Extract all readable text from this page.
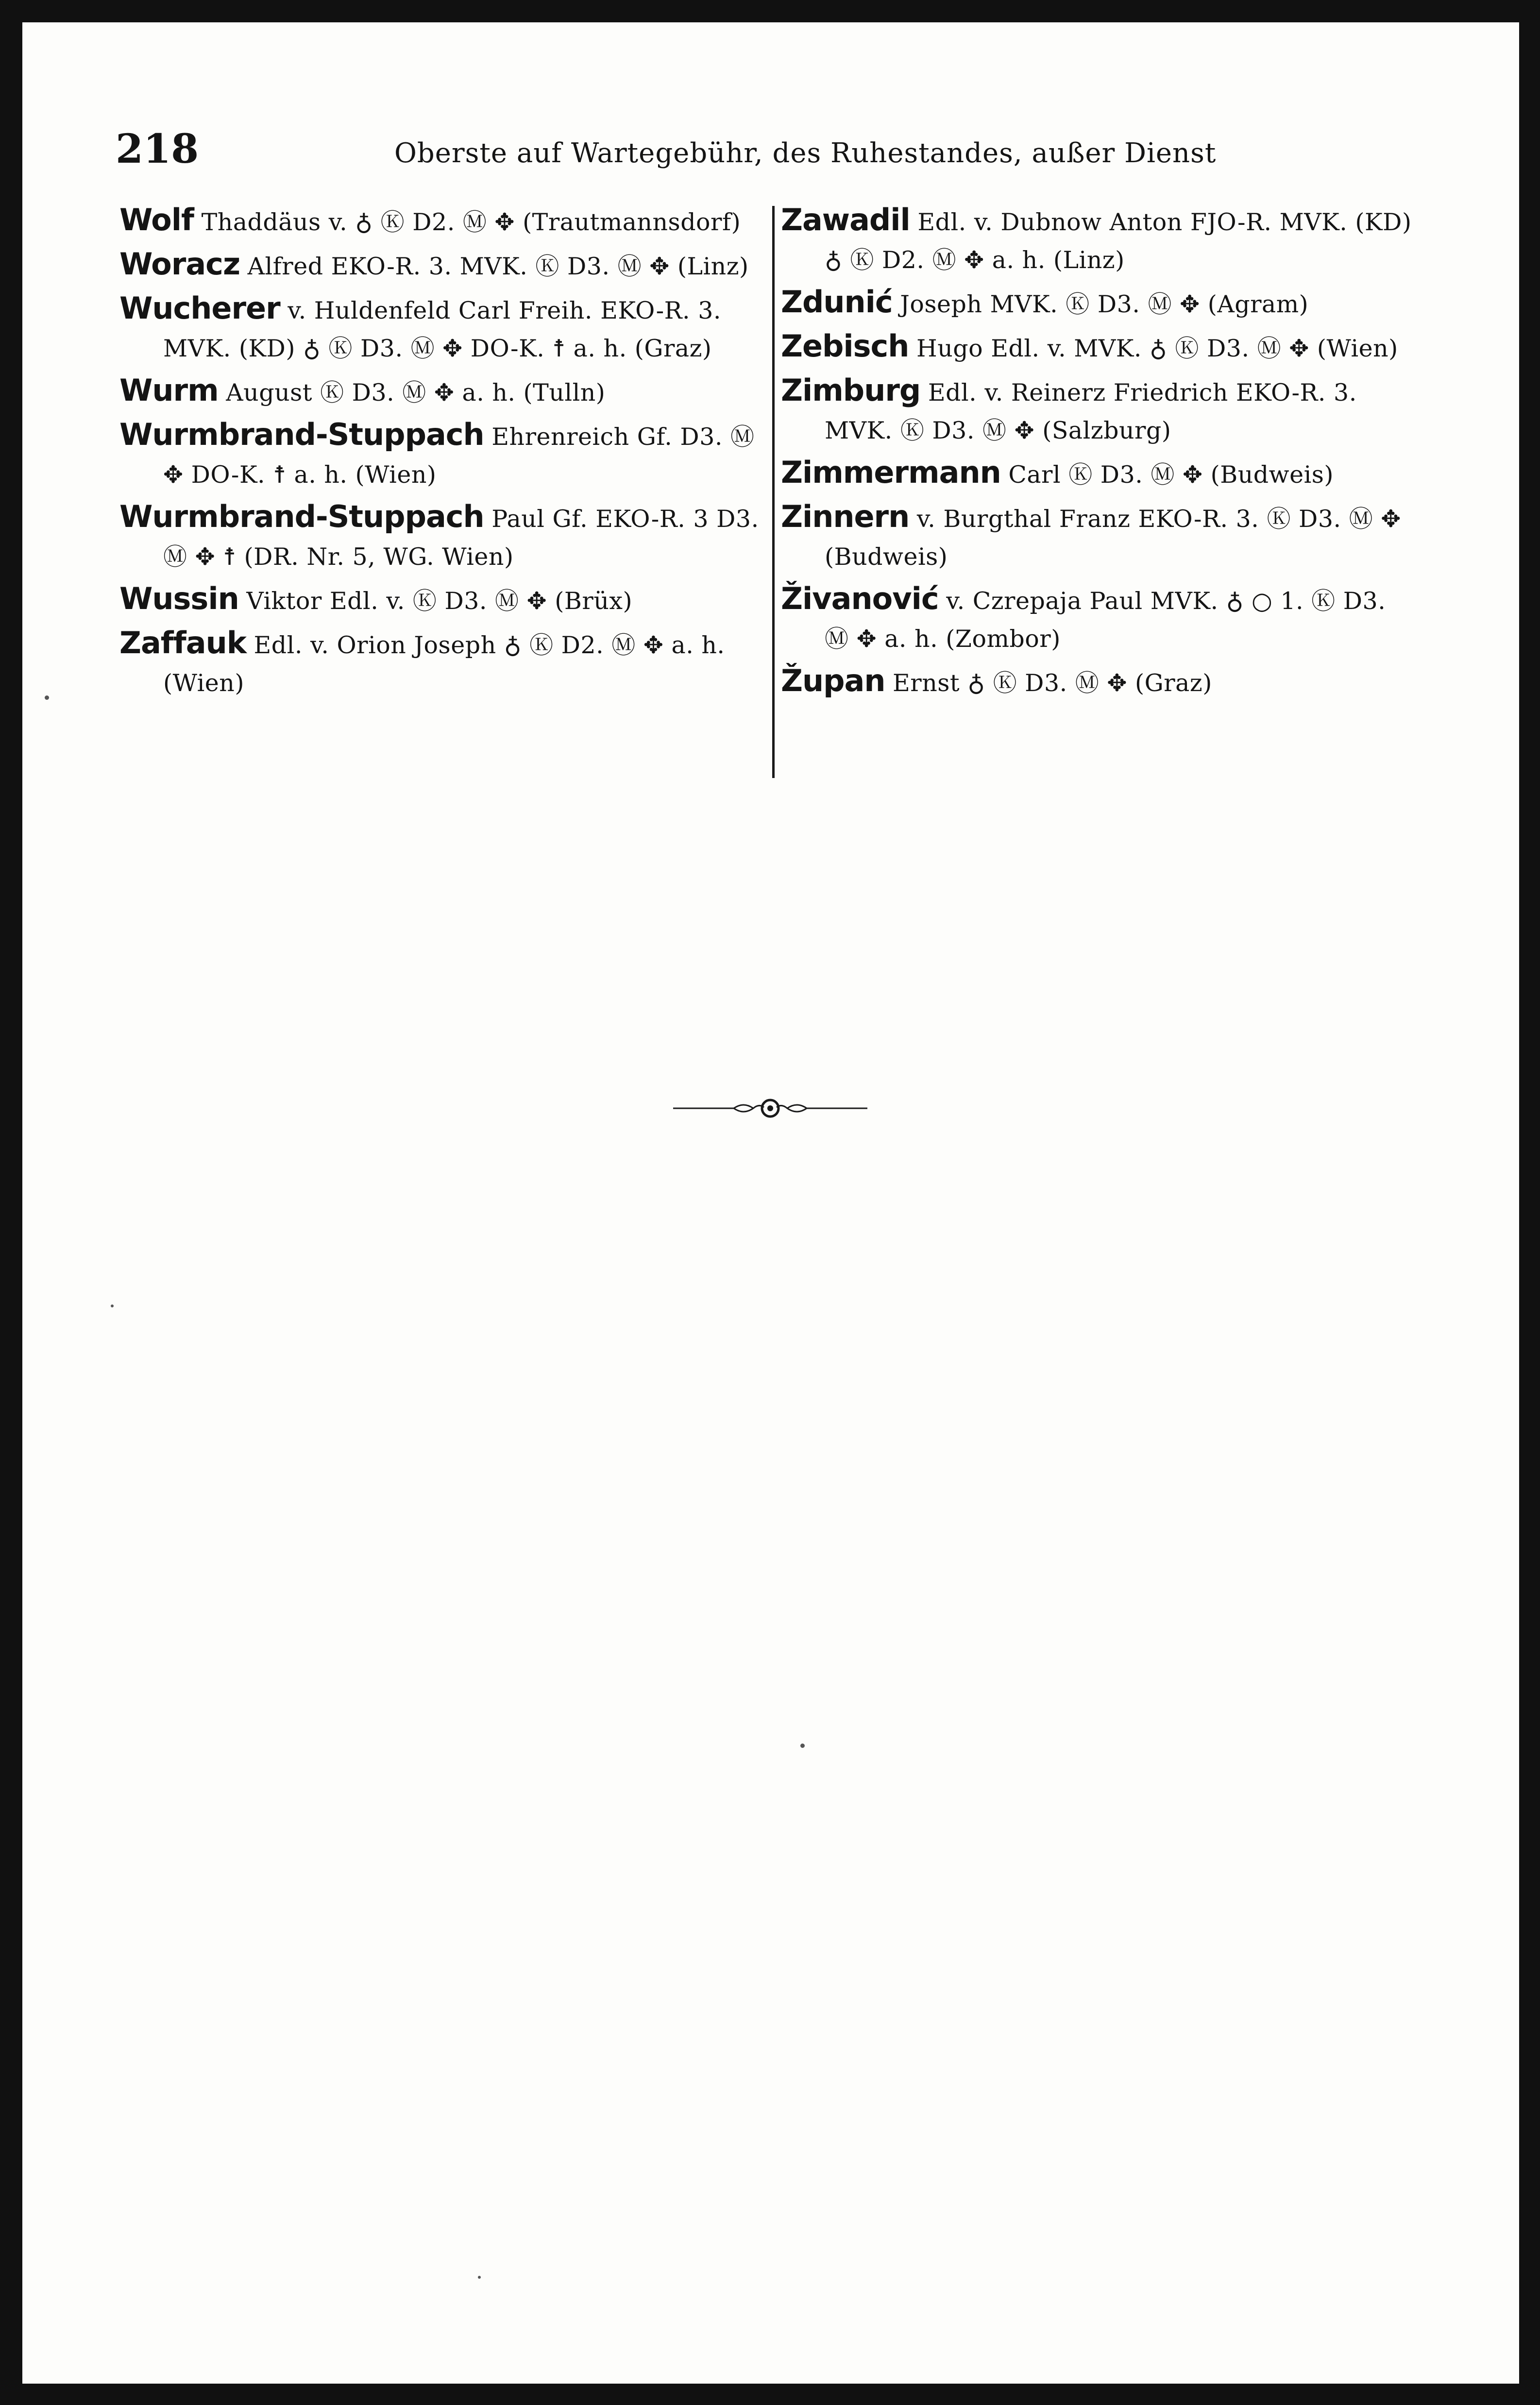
218	Oberste auf Wartegebühr, des Ruhestandes, außer Dienst
Wolf Thaddäus v. ♁ Ⓚ D2. Ⓜ ✥ (Trautmannsdorf)
Woracz Alfred EKO-R. 3. MVK. Ⓚ D3. Ⓜ ✥ (Linz)
Wucherer v. Huldenfeld Carl Freih. EKO-R. 3. MVK. (KD) ♁ Ⓚ D3. Ⓜ ✥ DO-K. ☨ a. h. (Graz)
Wurm August Ⓚ D3. Ⓜ ✥ a. h. (Tulln)
Wurmbrand-Stuppach Ehrenreich Gf. D3. Ⓜ ✥ DO-K. ☨ a. h. (Wien)
Wurmbrand-Stuppach Paul Gf. EKO-R. 3 D3. Ⓜ ✥ ☨ (DR. Nr. 5, WG. Wien)
Wussin Viktor Edl. v. Ⓚ D3. Ⓜ ✥ (Brüx)
Zaffauk Edl. v. Orion Joseph ♁ Ⓚ D2. Ⓜ ✥ a. h. (Wien)
Zawadil Edl. v. Dubnow Anton FJO-R. MVK. (KD) ♁ Ⓚ D2. Ⓜ ✥ a. h. (Linz)
Zdunić Joseph MVK. Ⓚ D3. Ⓜ ✥ (Agram)
Zebisch Hugo Edl. v. MVK. ♁ Ⓚ D3. Ⓜ ✥ (Wien)
Zimburg Edl. v. Reinerz Friedrich EKO-R. 3. MVK. Ⓚ D3. Ⓜ ✥ (Salzburg)
Zimmermann Carl Ⓚ D3. Ⓜ ✥ (Budweis)
Zinnern v. Burgthal Franz EKO-R. 3. Ⓚ D3. Ⓜ ✥ (Budweis)
Živanović v. Czrepaja Paul MVK. ♁ ○ 1. Ⓚ D3. Ⓜ ✥ a. h. (Zombor)
Župan Ernst ♁ Ⓚ D3. Ⓜ ✥ (Graz)
